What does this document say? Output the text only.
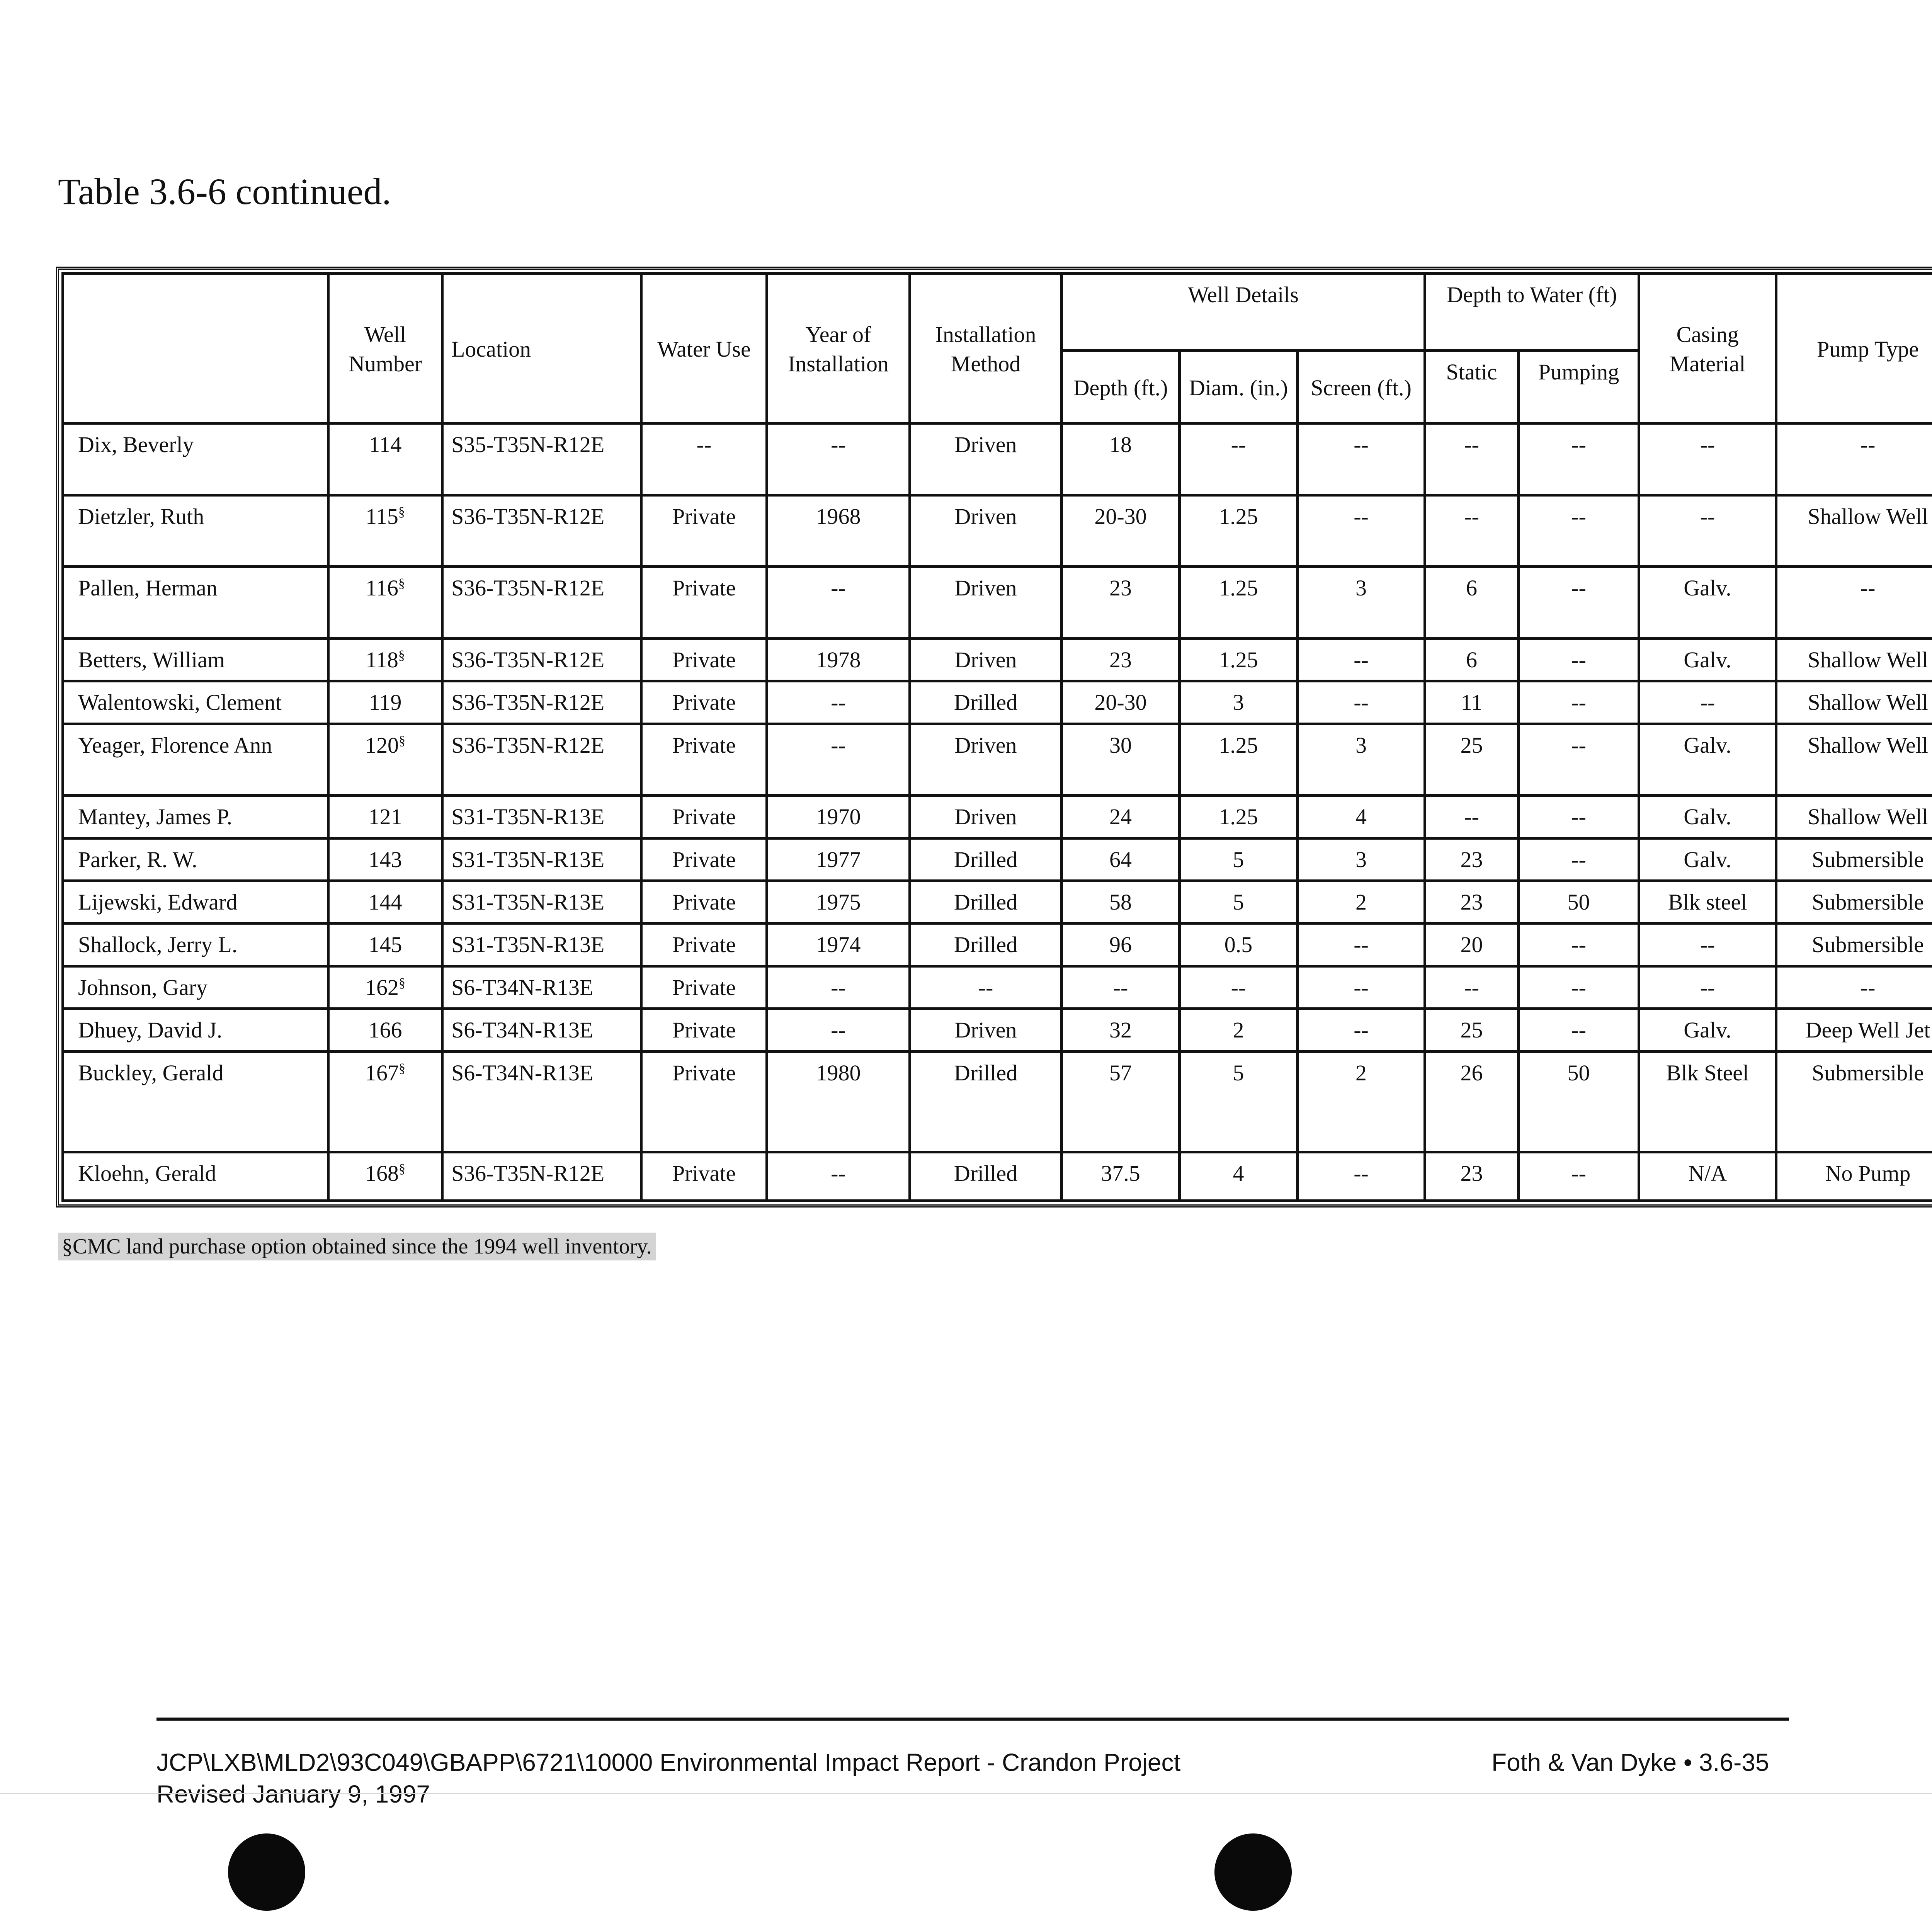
Table 3.6-6 continued.
	Well Number	Location	Water Use	Year of Installation	Installation Method	Well Details			Depth to Water (ft)		Casing Material	Pump Type		
						Depth (ft.)	Diam. (in.)	Screen (ft.)	Static	Pumping				
Dix, Beverly	114	S35-T35N-R12E	--	--	Driven	18	--	--	--	--	--	--		
Dietzler, Ruth	115§	S36-T35N-R12E	Private	1968	Driven	20-30	1.25	--	--	--	--	Shallow Well		
Pallen, Herman	116§	S36-T35N-R12E	Private	--	Driven	23	1.25	3	6	--	Galv.	--		
Betters, William	118§	S36-T35N-R12E	Private	1978	Driven	23	1.25	--	6	--	Galv.	Shallow Well		
Walentowski, Clement	119	S36-T35N-R12E	Private	--	Drilled	20-30	3	--	11	--	--	Shallow Well		
Yeager, Florence Ann	120§	S36-T35N-R12E	Private	--	Driven	30	1.25	3	25	--	Galv.	Shallow Well		
Mantey, James P.	121	S31-T35N-R13E	Private	1970	Driven	24	1.25	4	--	--	Galv.	Shallow Well		
Parker, R. W.	143	S31-T35N-R13E	Private	1977	Drilled	64	5	3	23	--	Galv.	Submersible		
Lijewski, Edward	144	S31-T35N-R13E	Private	1975	Drilled	58	5	2	23	50	Blk steel	Submersible		
Shallock, Jerry L.	145	S31-T35N-R13E	Private	1974	Drilled	96	0.5	--	20	--	--	Submersible		
Johnson, Gary	162§	S6-T34N-R13E	Private	--	--	--	--	--	--	--	--	--		
Dhuey, David J.	166	S6-T34N-R13E	Private	--	Driven	32	2	--	25	--	Galv.	Deep Well Jet		
Buckley, Gerald	167§	S6-T34N-R13E	Private	1980	Drilled	57	5	2	26	50	Blk Steel	Submersible		
Kloehn, Gerald	168§	S36-T35N-R12E	Private	--	Drilled	37.5	4	--	23	--	N/A	No Pump		
§CMC land purchase option obtained since the 1994 well inventory.
JCP\LXB\MLD2\93C049\GBAPP\6721\10000 Environmental Impact Report - Crandon Project
Revised January 9, 1997
Foth & Van Dyke • 3.6-35
